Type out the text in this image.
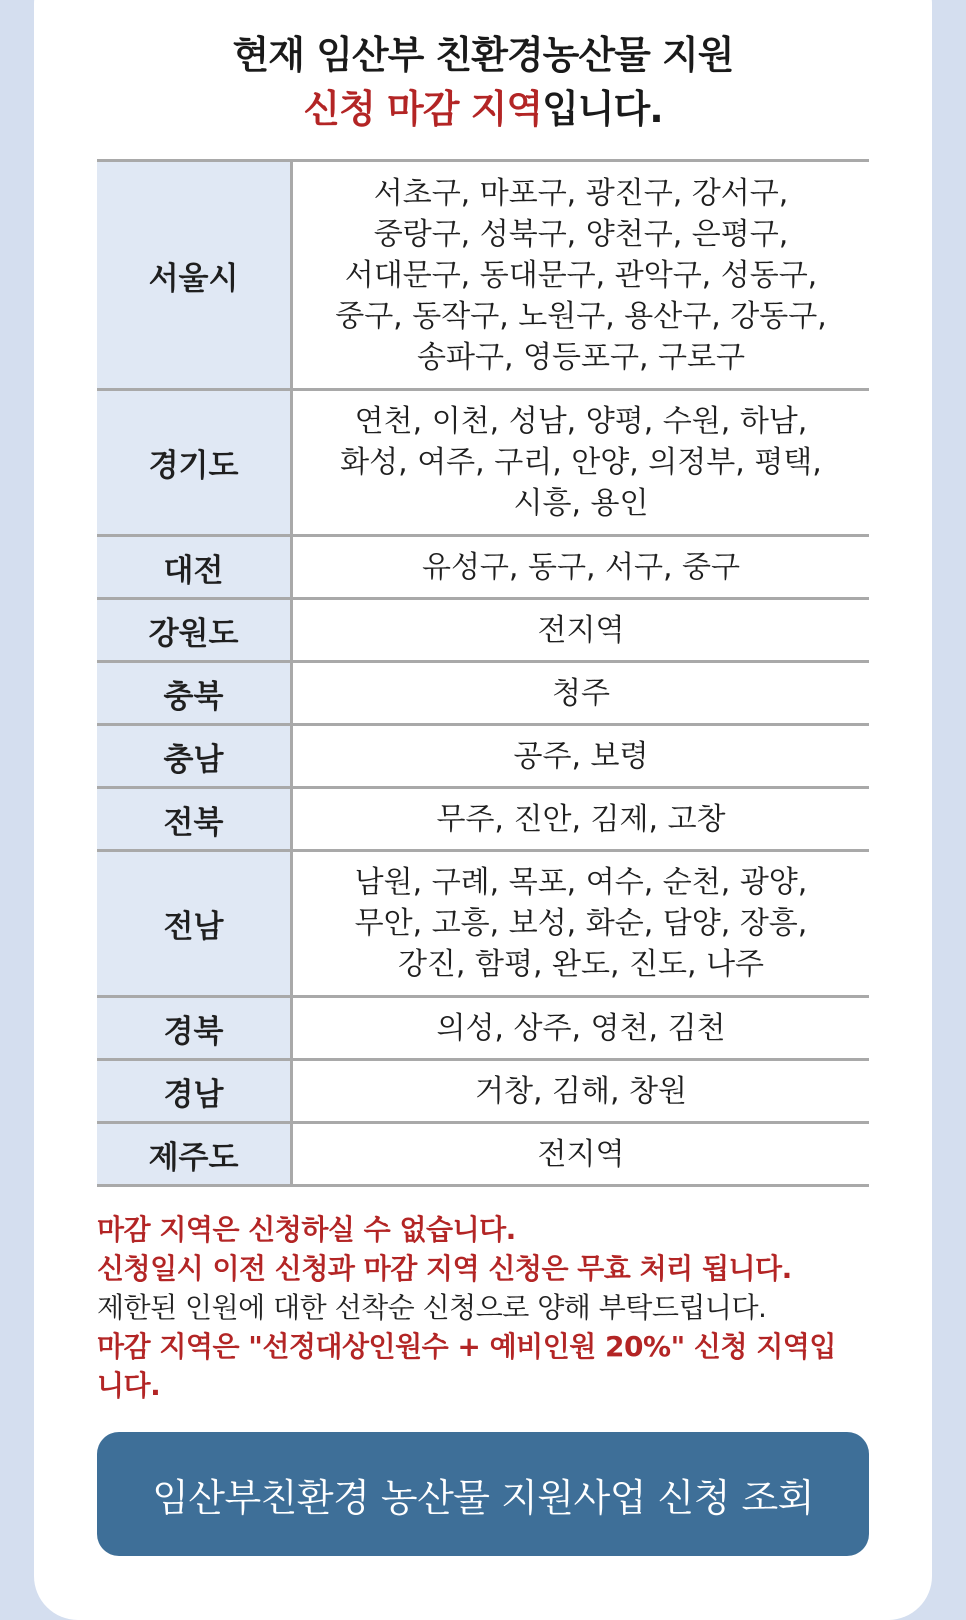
현재 임산부 친환경농산물 지원
신청 마감 지역입니다.
서울시	서초구, 마포구, 광진구, 강서구,
중랑구, 성북구, 양천구, 은평구,
서대문구, 동대문구, 관악구, 성동구,
중구, 동작구, 노원구, 용산구, 강동구,
송파구, 영등포구, 구로구

경기도	연천, 이천, 성남, 양평, 수원, 하남,
화성, 여주, 구리, 안양, 의정부, 평택,
시흥, 용인

대전	유성구, 동구, 서구, 중구

강원도	전지역

충북	청주

충남	공주, 보령

전북	무주, 진안, 김제, 고창

전남	남원, 구례, 목포, 여수, 순천, 광양,
무안, 고흥, 보성, 화순, 담양, 장흥,
강진, 함평, 완도, 진도, 나주

경북	의성, 상주, 영천, 김천

경남	거창, 김해, 창원

제주도	전지역
마감 지역은 신청하실 수 없습니다.
신청일시 이전 신청과 마감 지역 신청은 무효 처리 됩니다.
제한된 인원에 대한 선착순 신청으로 양해 부탁드립니다.
마감 지역은 "선정대상인원수 + 예비인원 20%" 신청 지역입
니다.
임산부친환경 농산물 지원사업 신청 조회
